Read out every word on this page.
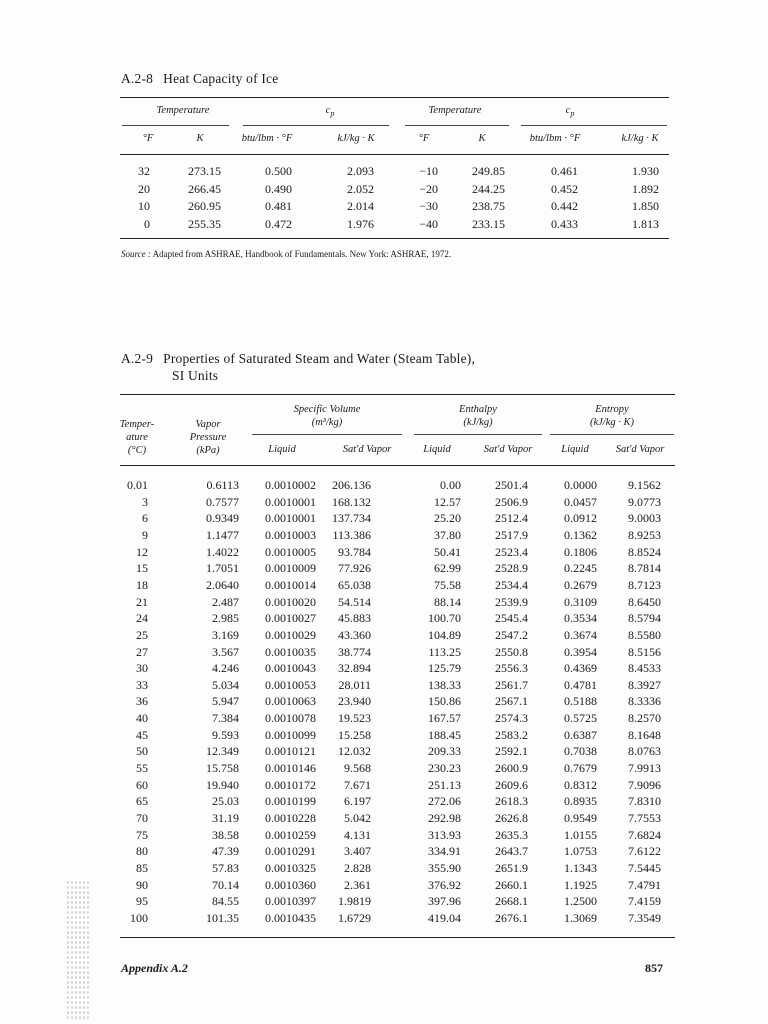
A.2-8 Heat Capacity of Ice
Temperature	$c_p$	Temperature	$c_p$
°F	K	btu/lbm · °F	kJ/kg · K	°F	K	btu/lbm · °F	kJ/kg · K
32	273.15	0.500	2.093	−10	249.85	0.461	1.930
20	266.45	0.490	2.052	−20	244.25	0.452	1.892
10	260.95	0.481	2.014	−30	238.75	0.442	1.850
0	255.35	0.472	1.976	−40	233.15	0.433	1.813
Source : Adapted from ASHRAE, Handbook of Fundamentals. New York: ASHRAE, 1972.
A.2-9 Properties of Saturated Steam and Water (Steam Table),
SI Units
Temper-
ature
(°C)
Vapor
Pressure
(kPa)
Specific Volume
(m³/kg)
Enthalpy
(kJ/kg)
Entropy
(kJ/kg · K)
Liquid	Sat'd Vapor	Liquid	Sat'd Vapor	Liquid	Sat'd Vapor
0.01	0.6113	0.0010002	206.136	0.00	2501.4	0.0000	9.1562
3	0.7577	0.0010001	168.132	12.57	2506.9	0.0457	9.0773
6	0.9349	0.0010001	137.734	25.20	2512.4	0.0912	9.0003
9	1.1477	0.0010003	113.386	37.80	2517.9	0.1362	8.9253
12	1.4022	0.0010005	93.784	50.41	2523.4	0.1806	8.8524
15	1.7051	0.0010009	77.926	62.99	2528.9	0.2245	8.7814
18	2.0640	0.0010014	65.038	75.58	2534.4	0.2679	8.7123
21	2.487	0.0010020	54.514	88.14	2539.9	0.3109	8.6450
24	2.985	0.0010027	45.883	100.70	2545.4	0.3534	8.5794
25	3.169	0.0010029	43.360	104.89	2547.2	0.3674	8.5580
27	3.567	0.0010035	38.774	113.25	2550.8	0.3954	8.5156
30	4.246	0.0010043	32.894	125.79	2556.3	0.4369	8.4533
33	5.034	0.0010053	28.011	138.33	2561.7	0.4781	8.3927
36	5.947	0.0010063	23.940	150.86	2567.1	0.5188	8.3336
40	7.384	0.0010078	19.523	167.57	2574.3	0.5725	8.2570
45	9.593	0.0010099	15.258	188.45	2583.2	0.6387	8.1648
50	12.349	0.0010121	12.032	209.33	2592.1	0.7038	8.0763
55	15.758	0.0010146	9.568	230.23	2600.9	0.7679	7.9913
60	19.940	0.0010172	7.671	251.13	2609.6	0.8312	7.9096
65	25.03	0.0010199	6.197	272.06	2618.3	0.8935	7.8310
70	31.19	0.0010228	5.042	292.98	2626.8	0.9549	7.7553
75	38.58	0.0010259	4.131	313.93	2635.3	1.0155	7.6824
80	47.39	0.0010291	3.407	334.91	2643.7	1.0753	7.6122
85	57.83	0.0010325	2.828	355.90	2651.9	1.1343	7.5445
90	70.14	0.0010360	2.361	376.92	2660.1	1.1925	7.4791
95	84.55	0.0010397	1.9819	397.96	2668.1	1.2500	7.4159
100	101.35	0.0010435	1.6729	419.04	2676.1	1.3069	7.3549
Appendix A.2	857
